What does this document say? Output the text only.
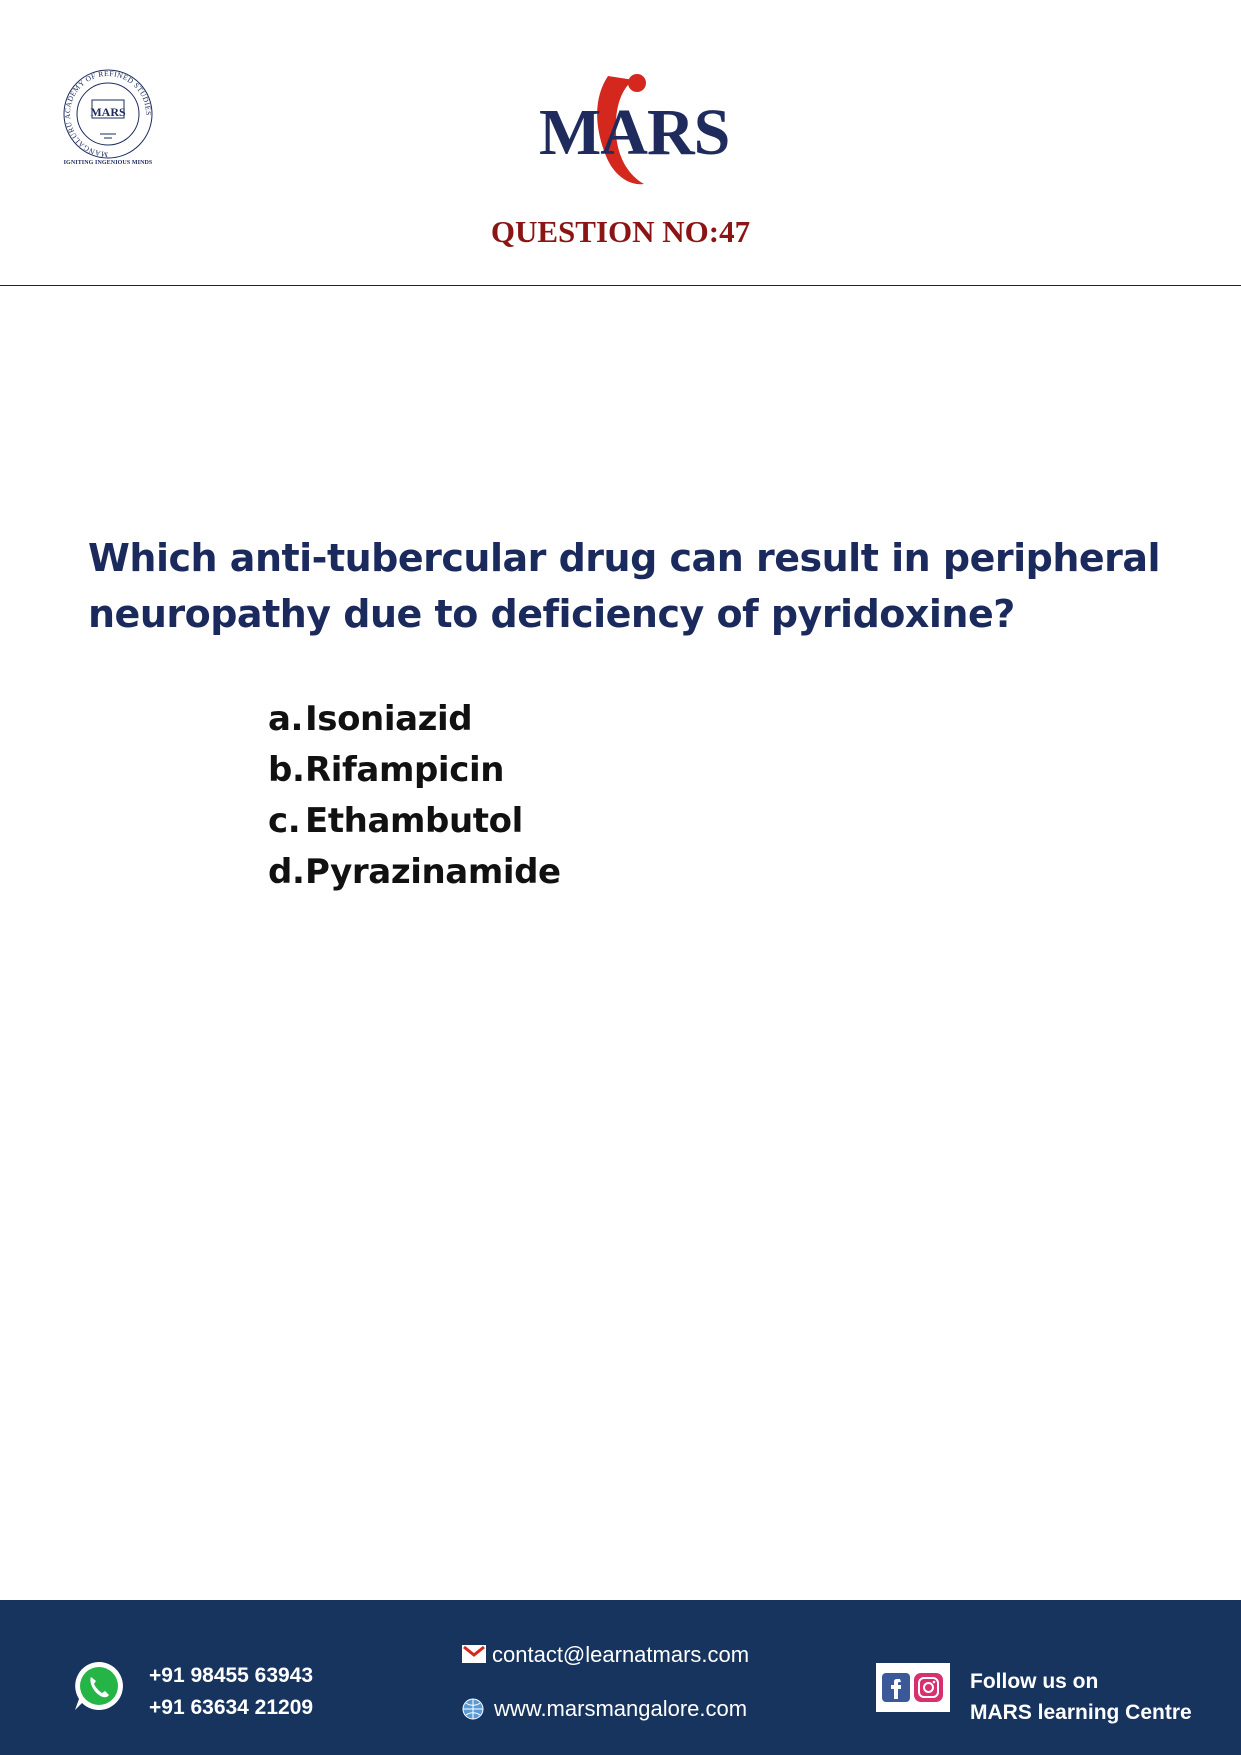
MANGALURU ACADEMY OF REFINED STUDIES
MARS
IGNITING INGENIOUS MINDS	MARS
QUESTION NO:47
Which anti-tubercular drug can result in peripheral neuropathy due to deficiency of pyridoxine?
a.Isoniazid
b.Rifampicin
c. Ethambutol
d.Pyrazinamide
+91 98455 63943
+91 63634 21209
contact@learnatmars.com
www.marsmangalore.com
Follow us on
MARS learning Centre
